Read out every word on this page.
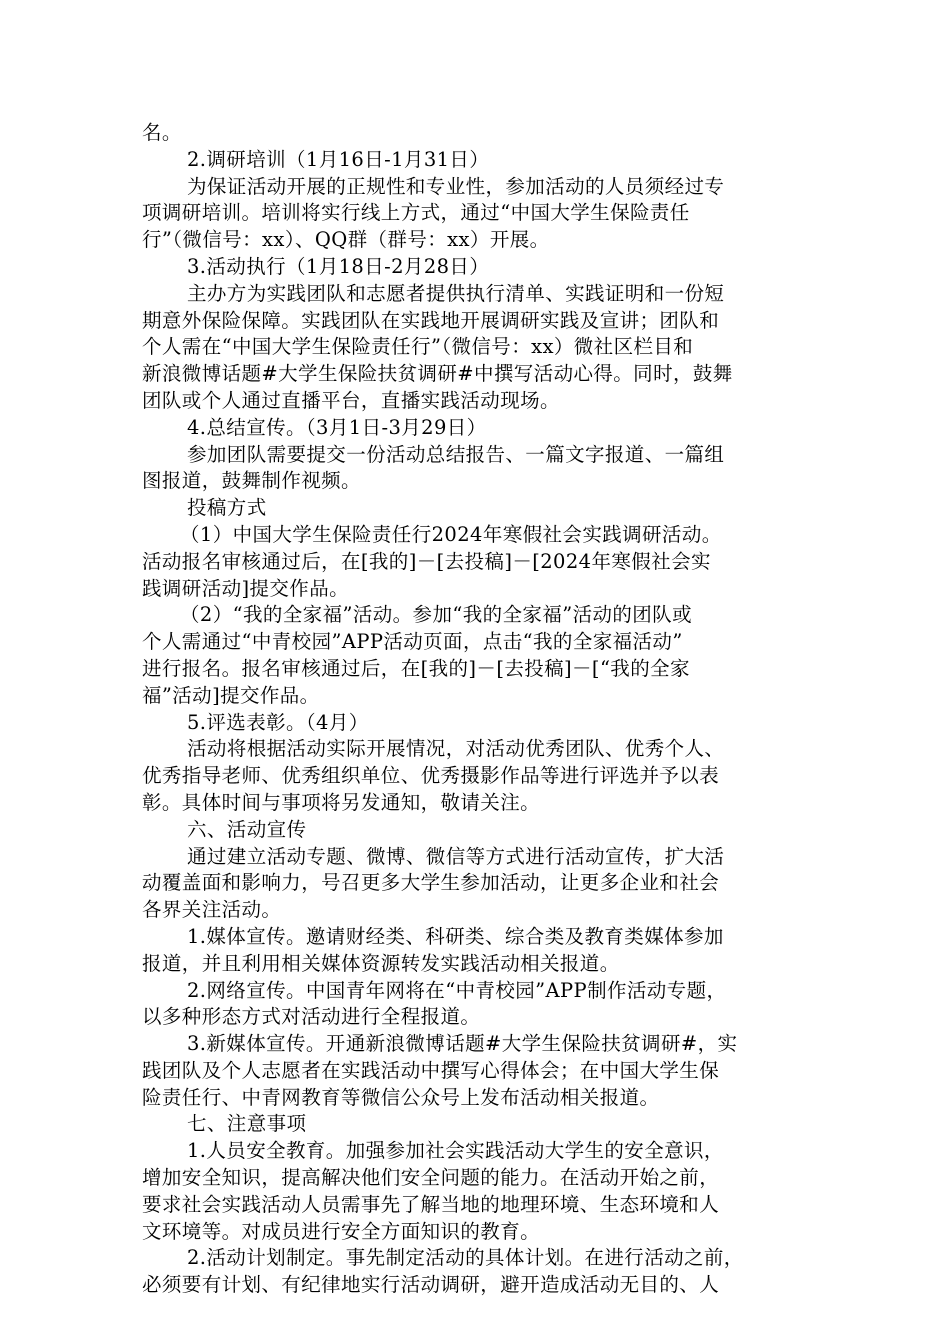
名。
2.调研培训（1月16日-1月31日）
为保证活动开展的正规性和专业性，参加活动的人员须经过专
项调研培训。培训将实行线上方式，通过“中国大学生保险责任
行”（微信号：xx）、QQ群（群号：xx）开展。
3.活动执行（1月18日-2月28日）
主办方为实践团队和志愿者提供执行清单、实践证明和一份短
期意外保险保障。实践团队在实践地开展调研实践及宣讲；团队和
个人需在“中国大学生保险责任行”（微信号：xx）微社区栏目和
新浪微博话题#大学生保险扶贫调研#中撰写活动心得。同时，鼓舞
团队或个人通过直播平台，直播实践活动现场。
4.总结宣传。（3月1日-3月29日）
参加团队需要提交一份活动总结报告、一篇文字报道、一篇组
图报道，鼓舞制作视频。
投稿方式
（1）中国大学生保险责任行2024年寒假社会实践调研活动。
活动报名审核通过后，在[我的]－[去投稿]－[2024年寒假社会实
践调研活动]提交作品。
（2）“我的全家福”活动。参加“我的全家福”活动的团队或
个人需通过“中青校园”APP活动页面，点击“我的全家福活动”
进行报名。报名审核通过后，在[我的]－[去投稿]－[“我的全家
福”活动]提交作品。
5.评选表彰。（4月）
活动将根据活动实际开展情况，对活动优秀团队、优秀个人、
优秀指导老师、优秀组织单位、优秀摄影作品等进行评选并予以表
彰。具体时间与事项将另发通知，敬请关注。
六、活动宣传
通过建立活动专题、微博、微信等方式进行活动宣传，扩大活
动覆盖面和影响力，号召更多大学生参加活动，让更多企业和社会
各界关注活动。
1.媒体宣传。邀请财经类、科研类、综合类及教育类媒体参加
报道，并且利用相关媒体资源转发实践活动相关报道。
2.网络宣传。中国青年网将在“中青校园”APP制作活动专题，
以多种形态方式对活动进行全程报道。
3.新媒体宣传。开通新浪微博话题#大学生保险扶贫调研#，实
践团队及个人志愿者在实践活动中撰写心得体会；在中国大学生保
险责任行、中青网教育等微信公众号上发布活动相关报道。
七、注意事项
1.人员安全教育。加强参加社会实践活动大学生的安全意识，
增加安全知识，提高解决他们安全问题的能力。在活动开始之前，
要求社会实践活动人员需事先了解当地的地理环境、生态环境和人
文环境等。对成员进行安全方面知识的教育。
2.活动计划制定。事先制定活动的具体计划。在进行活动之前，
必须要有计划、有纪律地实行活动调研，避开造成活动无目的、人
